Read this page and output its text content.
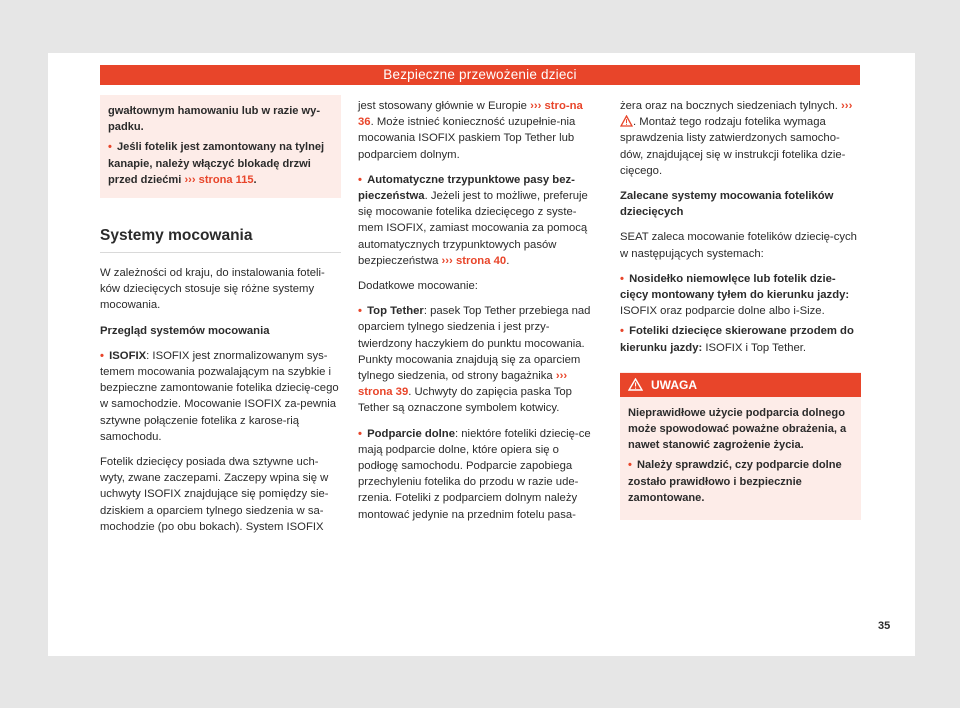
Bezpieczne przewożenie dzieci

gwałtownym hamowaniu lub w razie wy-padku.

• Jeśli fotelik jest zamontowany na tylnej kanapie, należy włączyć blokadę drzwi przed dziećmi ››› strona 115.

Systemy mocowania

W zależności od kraju, do instalowania foteli-ków dziecięcych stosuje się różne systemy mocowania.

Przegląd systemów mocowania

• ISOFIX: ISOFIX jest znormalizowanym sys-temem mocowania pozwalającym na szybkie i bezpieczne zamontowanie fotelika dziecię-cego w samochodzie. Mocowanie ISOFIX za-pewnia sztywne połączenie fotelika z karose-rią samochodu.

Fotelik dziecięcy posiada dwa sztywne uch-wyty, zwane zaczepami. Zaczepy wpina się w uchwyty ISOFIX znajdujące się pomiędzy sie-dziskiem a oparciem tylnego siedzenia w sa-mochodzie (po obu bokach). System ISOFIX

jest stosowany głównie w Europie ››› stro-na 36. Może istnieć konieczność uzupełnie-nia mocowania ISOFIX paskiem Top Tether lub podparciem dolnym.

• Automatyczne trzypunktowe pasy bez-pieczeństwa. Jeżeli jest to możliwe, preferuje się mocowanie fotelika dziecięcego z syste-mem ISOFIX, zamiast mocowania za pomocą automatycznych trzypunktowych pasów bezpieczeństwa ››› strona 40.

Dodatkowe mocowanie:

• Top Tether: pasek Top Tether przebiega nad oparciem tylnego siedzenia i jest przy-twierdzony haczykiem do punktu mocowania. Punkty mocowania znajdują się za oparciem tylnego siedzenia, od strony bagażnika ››› strona 39. Uchwyty do zapięcia paska Top Tether są oznaczone symbolem kotwicy.

• Podparcie dolne: niektóre foteliki dziecię-ce mają podparcie dolne, które opiera się o podłogę samochodu. Podparcie zapobiega przechyleniu fotelika do przodu w razie ude-rzenia. Foteliki z podparciem dolnym należy montować jedynie na przednim fotelu pasa-

żera oraz na bocznych siedzeniach tylnych. ››› . Montaż tego rodzaju fotelika wymaga sprawdzenia listy zatwierdzonych samocho-dów, znajdującej się w instrukcji fotelika dzie-cięcego.

Zalecane systemy mocowania fotelików dziecięcych

SEAT zaleca mocowanie fotelików dziecię-cych w następujących systemach:

• Nosidełko niemowlęce lub fotelik dzie-cięcy montowany tyłem do kierunku jazdy: ISOFIX oraz podparcie dolne albo i-Size.

• Foteliki dziecięce skierowane przodem do kierunku jazdy: ISOFIX i Top Tether.

UWAGA

Nieprawidłowe użycie podparcia dolnego może spowodować poważne obrażenia, a nawet stanowić zagrożenie życia.

• Należy sprawdzić, czy podparcie dolne zostało prawidłowo i bezpiecznie zamontowane.

35
